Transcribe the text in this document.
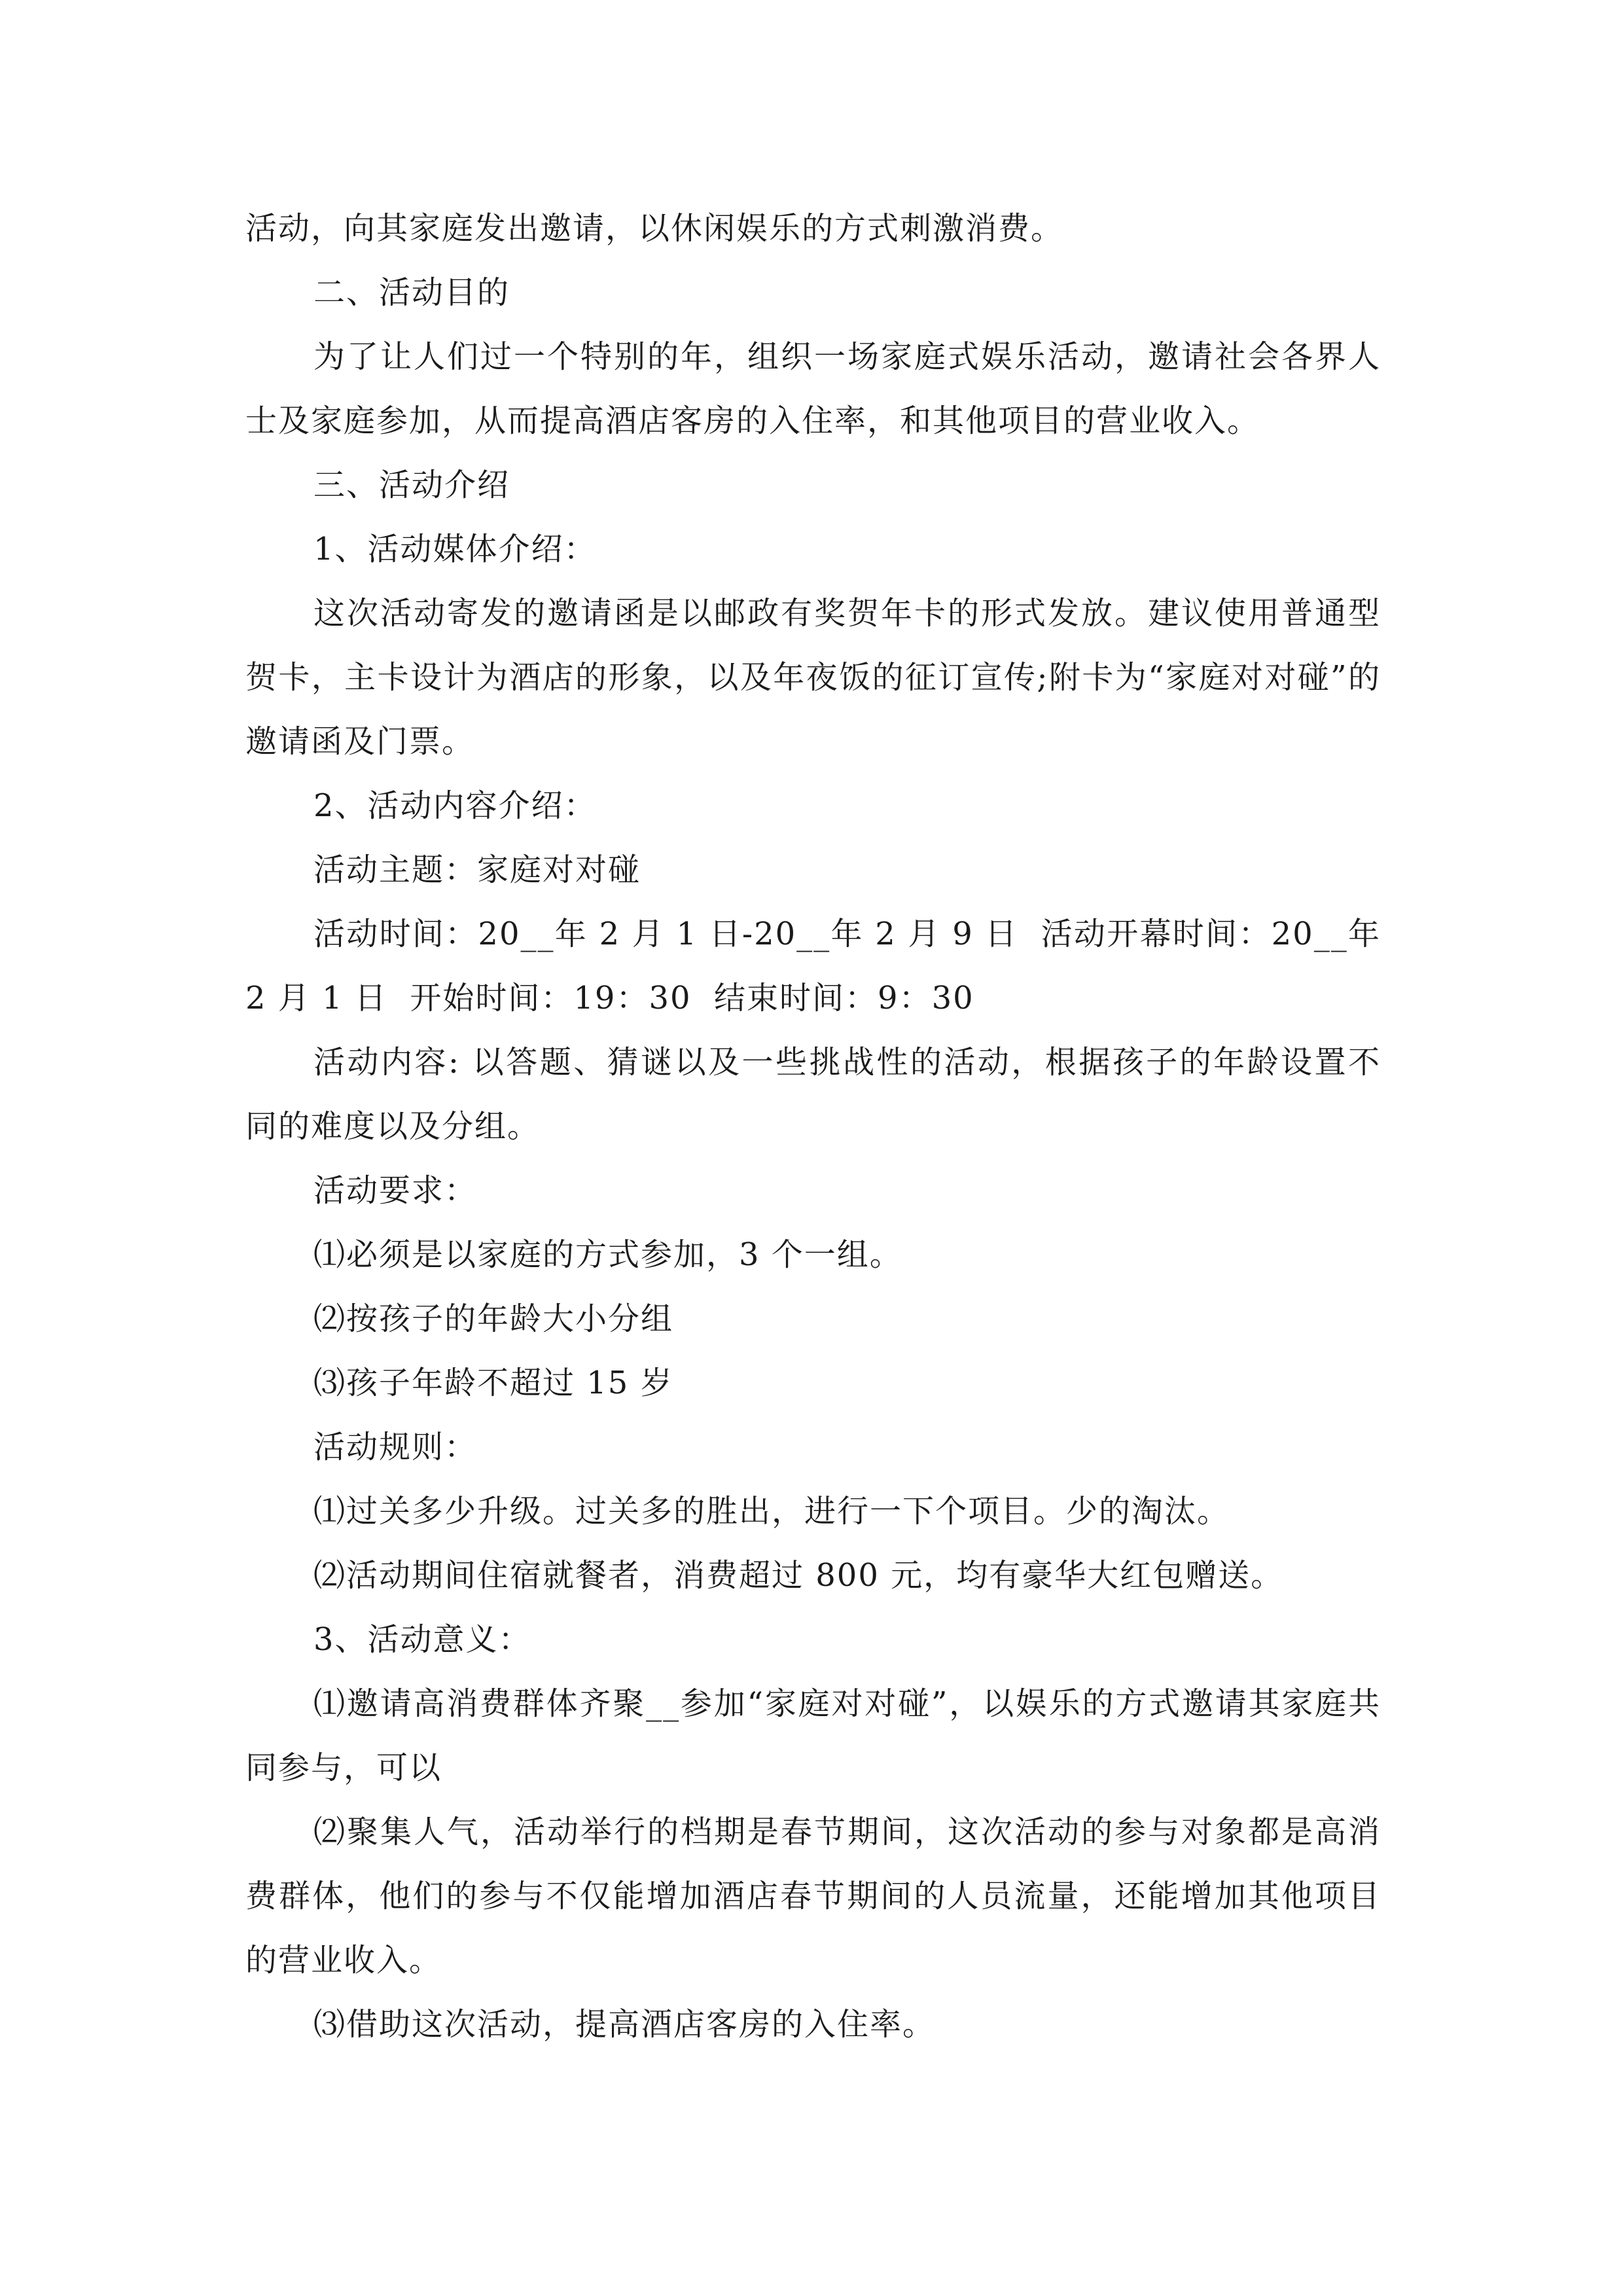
活动，向其家庭发出邀请，以休闲娱乐的方式刺激消费。

二、活动目的

为了让人们过一个特别的年，组织一场家庭式娱乐活动，邀请社会各界人士及家庭参加，从而提高酒店客房的入住率，和其他项目的营业收入。

三、活动介绍

1、活动媒体介绍：

这次活动寄发的邀请函是以邮政有奖贺年卡的形式发放。建议使用普通型贺卡，主卡设计为酒店的形象，以及年夜饭的征订宣传;附卡为“家庭对对碰”的邀请函及门票。

2、活动内容介绍：

活动主题：家庭对对碰

活动时间：20__年 2 月 1 日-20__年 2 月 9 日  活动开幕时间：20__年 2 月 1 日  开始时间：19：30  结束时间：9：30

活动内容: 以答题、猜谜以及一些挑战性的活动，根据孩子的年龄设置不同的难度以及分组。

活动要求：

⑴必须是以家庭的方式参加，3 个一组。

⑵按孩子的年龄大小分组

⑶孩子年龄不超过 15 岁

活动规则：

⑴过关多少升级。过关多的胜出，进行一下个项目。少的淘汰。

⑵活动期间住宿就餐者，消费超过 800 元，均有豪华大红包赠送。

3、活动意义：

⑴邀请高消费群体齐聚__参加“家庭对对碰”，以娱乐的方式邀请其家庭共同参与，可以

⑵聚集人气，活动举行的档期是春节期间，这次活动的参与对象都是高消费群体，他们的参与不仅能增加酒店春节期间的人员流量，还能增加其他项目的营业收入。

⑶借助这次活动，提高酒店客房的入住率。
